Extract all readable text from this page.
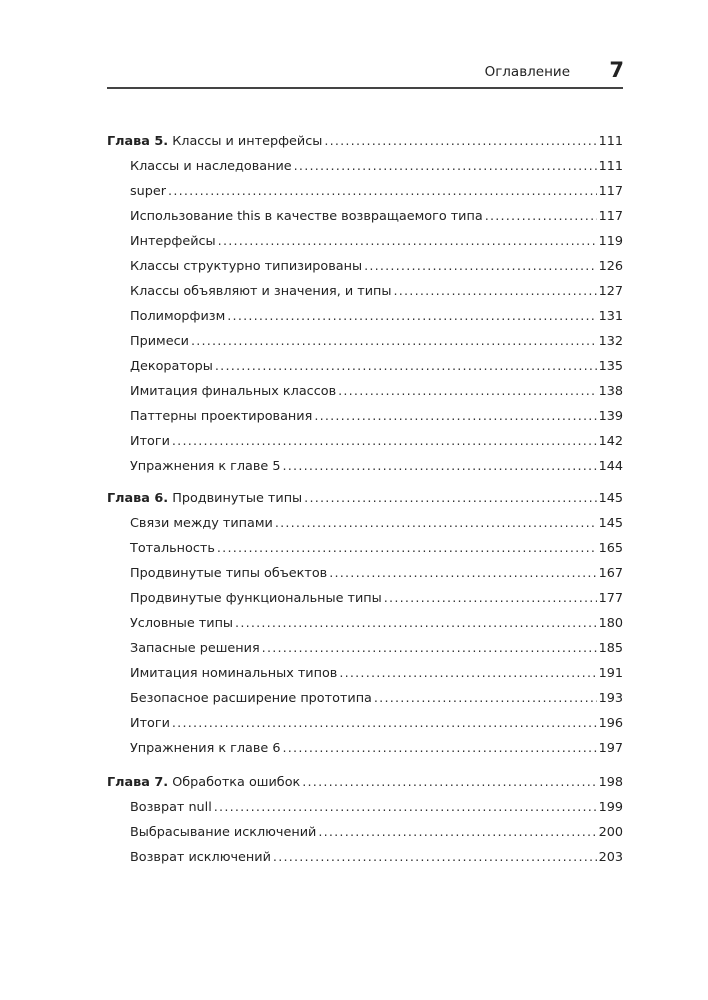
Оглавление	7
Глава 5. Классы и интерфейсы .....	111
Классы и наследование .....	111
super .....	117
Использование this в качестве возвращаемого типа .....	117
Интерфейсы .....	119
Классы структурно типизированы .....	126
Классы объявляют и значения, и типы .....	127
Полиморфизм .....	131
Примеси .....	132
Декораторы .....	135
Имитация финальных классов .....	138
Паттерны проектирования .....	139
Итоги .....	142
Упражнения к главе 5 .....	144
Глава 6. Продвинутые типы .....	145
Связи между типами .....	145
Тотальность .....	165
Продвинутые типы объектов .....	167
Продвинутые функциональные типы .....	177
Условные типы .....	180
Запасные решения .....	185
Имитация номинальных типов .....	191
Безопасное расширение прототипа .....	193
Итоги .....	196
Упражнения к главе 6 .....	197
Глава 7. Обработка ошибок .....	198
Возврат null .....	199
Выбрасывание исключений .....	200
Возврат исключений .....	203
